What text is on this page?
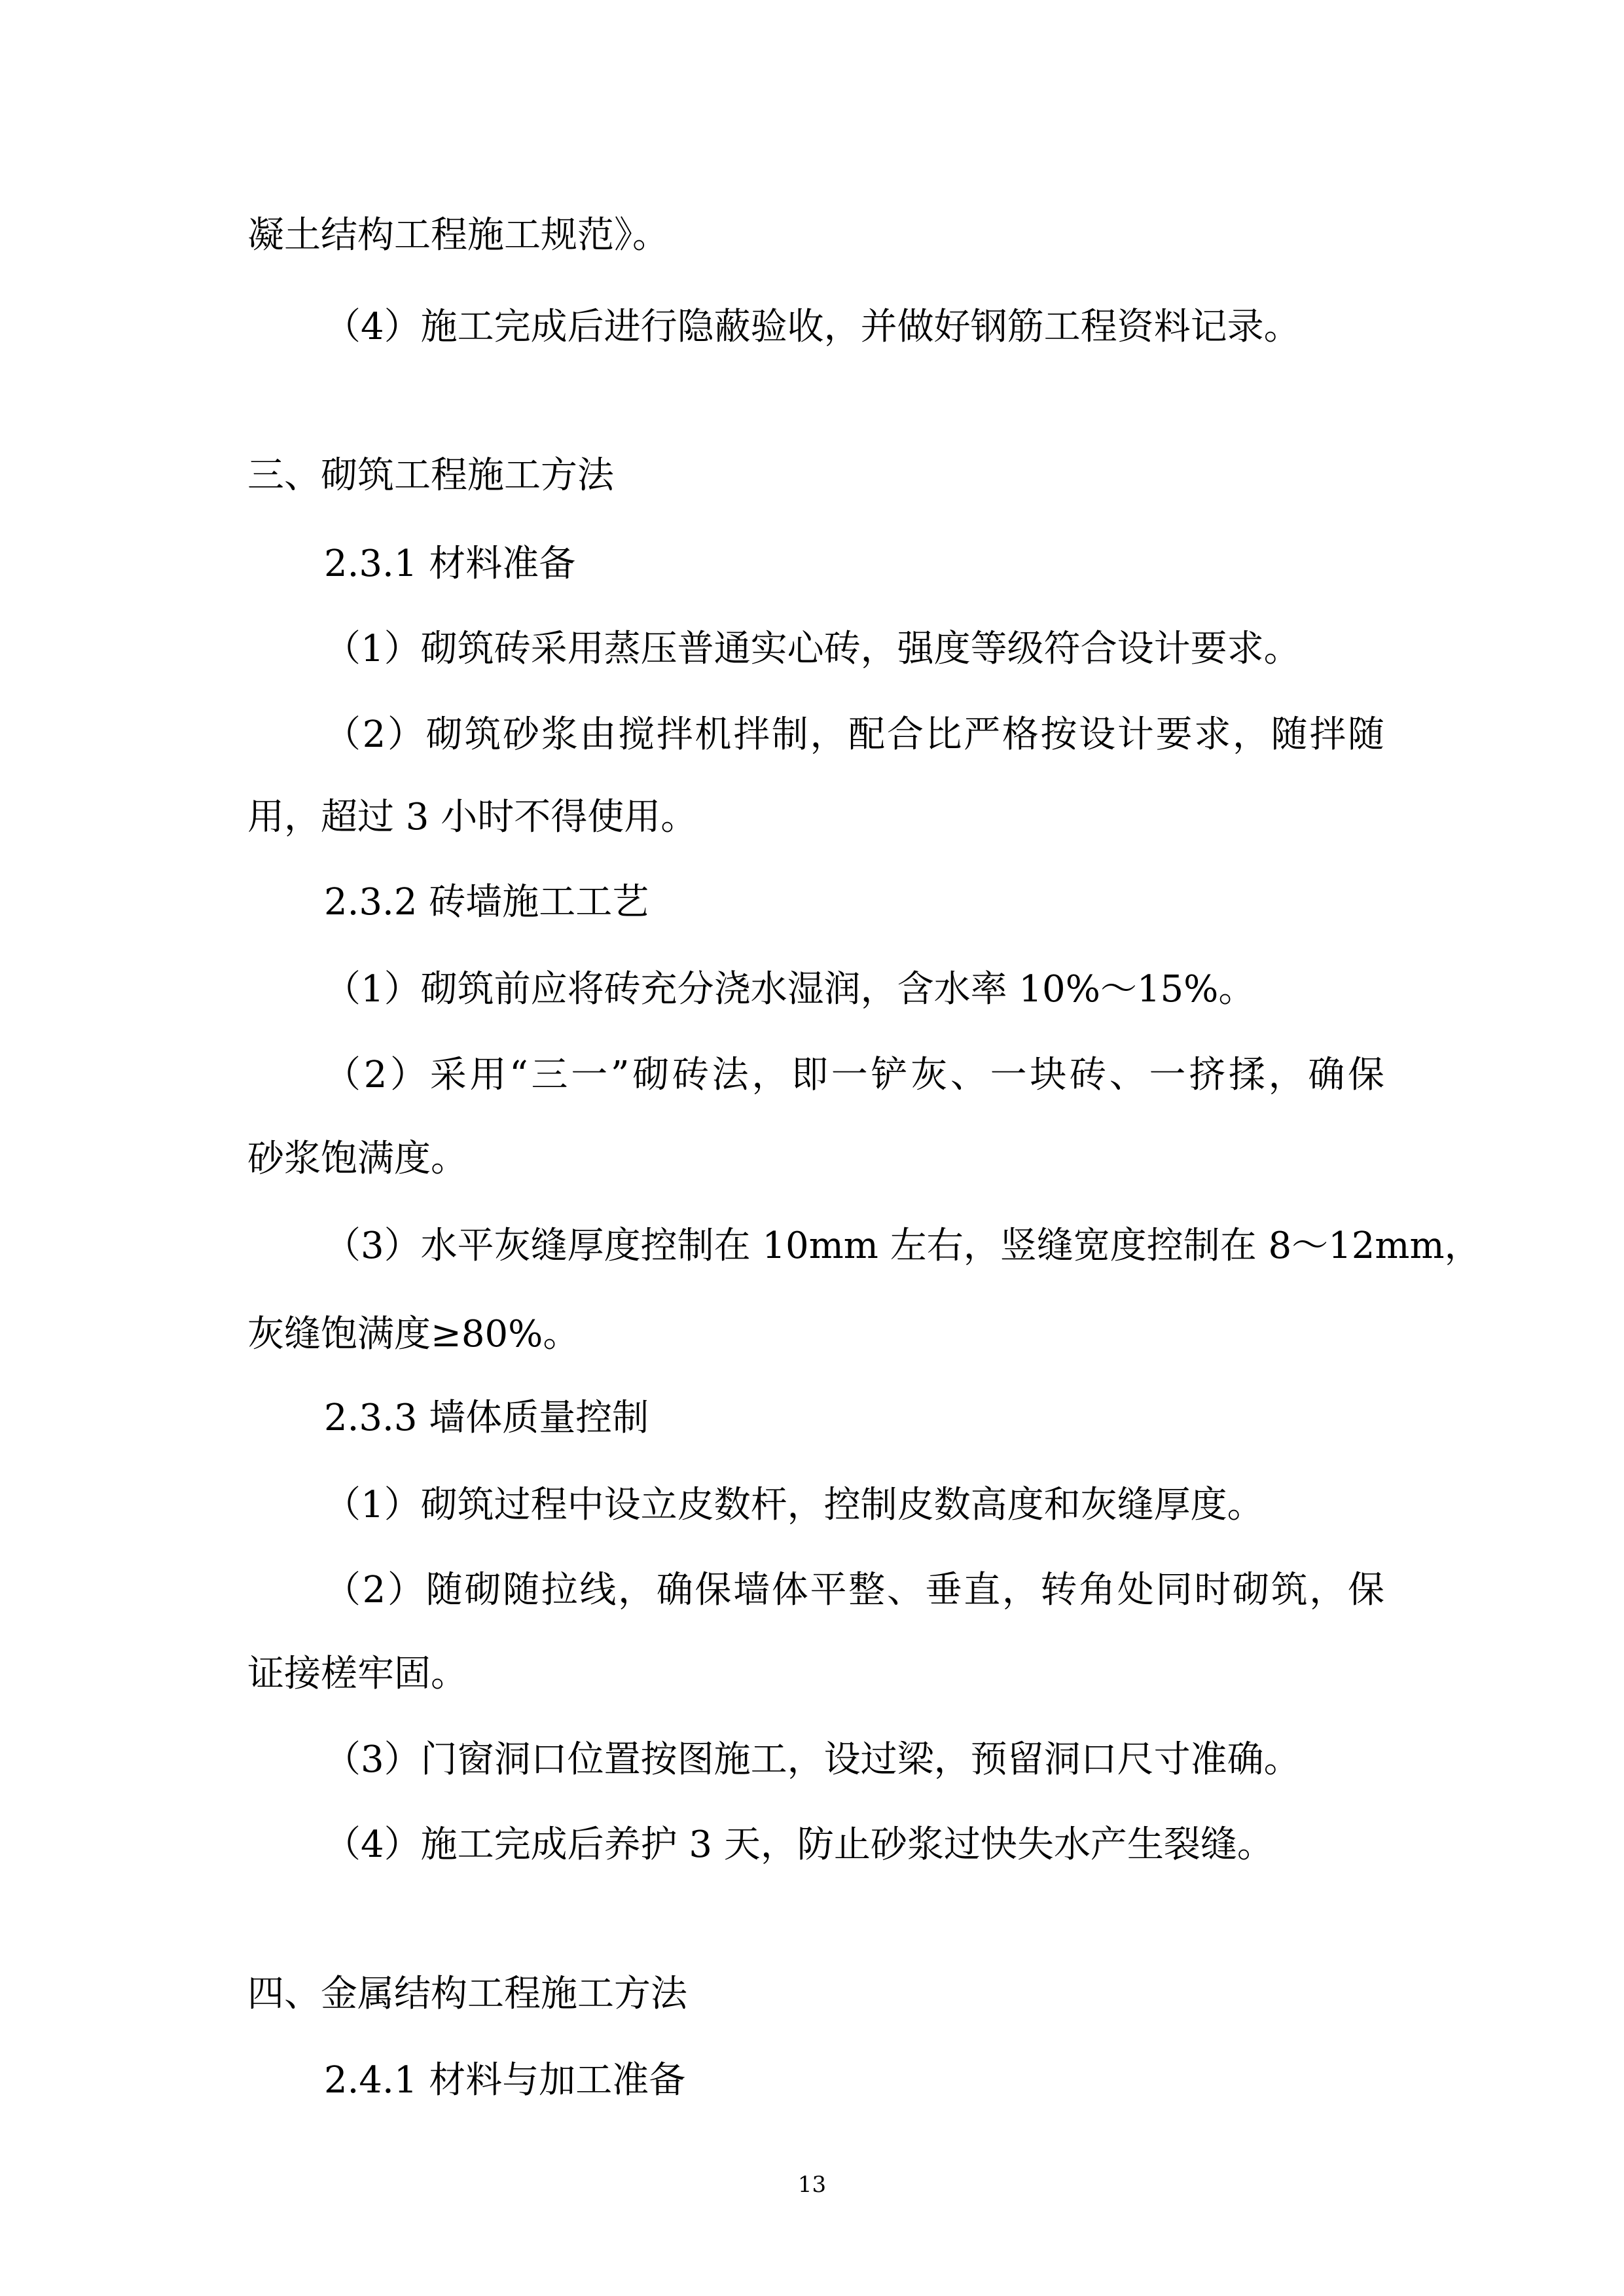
凝土结构工程施工规范》。
（4）施工完成后进行隐蔽验收，并做好钢筋工程资料记录。
三、砌筑工程施工方法
2.3.1 材料准备
（1）砌筑砖采用蒸压普通实心砖，强度等级符合设计要求。
（2）砌筑砂浆由搅拌机拌制，配合比严格按设计要求，随拌随
用，超过 3 小时不得使用。
2.3.2 砖墙施工工艺
（1）砌筑前应将砖充分浇水湿润，含水率 10%～15%。
（2）采用“三一”砌砖法，即一铲灰、一块砖、一挤揉，确保
砂浆饱满度。
（3）水平灰缝厚度控制在 10mm 左右，竖缝宽度控制在 8～12mm，
灰缝饱满度≥80%。
2.3.3 墙体质量控制
（1）砌筑过程中设立皮数杆，控制皮数高度和灰缝厚度。
（2）随砌随拉线，确保墙体平整、垂直，转角处同时砌筑，保
证接槎牢固。
（3）门窗洞口位置按图施工，设过梁，预留洞口尺寸准确。
（4）施工完成后养护 3 天，防止砂浆过快失水产生裂缝。
四、金属结构工程施工方法
2.4.1 材料与加工准备
13
